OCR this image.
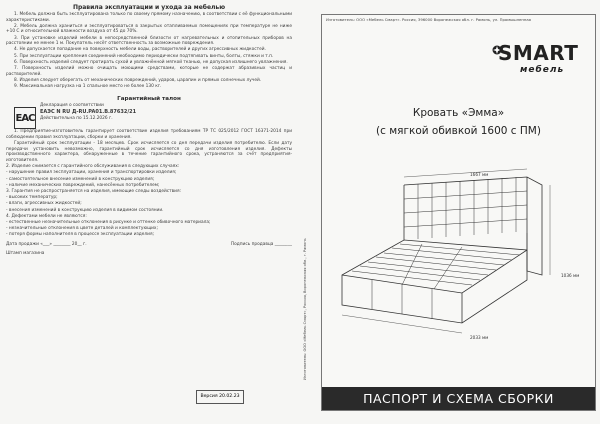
Правила эксплуатации и ухода за мебелью

1. Мебель должна быть эксплуатирована только по своему прямому назначению, в соответствии с её функциональными характеристиками.

2. Мебель должна храниться и эксплуатироваться в закрытых отапливаемых помещениях при температуре не ниже +10 С и относительной влажности воздуха от 45 до 70%.

3. При установке изделий мебели в непосредственной близости от нагревательных и отопительных приборов на расстоянии не менее 1 м. Покупатель несёт ответственность за возможные повреждения.

4. Не допускается попадание на поверхность мебели воды, растворителей и других агрессивных жидкостей.

5. При эксплуатации крепления соединений необходимо периодически подтягивать винты, болты, стяжки и т.п.

6. Поверхность изделий следует протирать сухой и увлажнённой мягкой тканью, не допуская излишнего увлажнения.

7. Поверхность изделий можно очищать моющими средствами, которые не содержат абразивных частиц и растворителей.

8. Изделия следует оберегать от механических повреждений, ударов, царапин и прямых солнечных лучей.

9. Максимальная нагрузка на 1 спальное место не более 130 кг.

Гарантийный талон
EAC

Декларация о соответствии

ЕАЭС N RU Д-RU.PA01.В.87632/21

Действительна по 15.12.2026 г.

1. Предприятие-изготовитель гарантирует соответствие изделия требованиям ТР ТС 025/2012 ГОСТ 16371-2014 при соблюдении правил эксплуатации, сборки и хранения.

Гарантийный срок эксплуатации - 18 месяцев. Срок исчисляется со дня передачи изделия потребителю. Если дату передачи установить невозможно, гарантийный срок исчисляется со дня изготовления изделия. Дефекты производственного характера, обнаруженные в течение гарантийного срока, устраняются за счёт предприятия-изготовителя.

2. Изделие снимается с гарантийного обслуживания в следующих случаях:

- нарушение правил эксплуатации, хранения и транспортировки изделия;

- самостоятельное внесение изменений в конструкцию изделия;

- наличие механических повреждений, нанесённых потребителем;

3. Гарантия не распространяется на изделия, имеющие следы воздействия:

- высоких температур;

- влаги, агрессивных жидкостей;

- внесения изменений в конструкцию изделия в видимом состоянии.

4. Дефектами мебели не являются:

- естественные незначительные отклонения в рисунке и оттенке обивочного материала;

- незначительные отклонения в цвете деталей и комплектующих;

- потеря формы наполнителя в процессе эксплуатации изделия;

Дата продажи «___» ________ 20__ г.	Подпись продавца ________
Штамп магазина
Версия 20.02.23
Изготовитель: ООО «Мебель Смарт». Россия, 396000 Воронежская обл. г. Рамонь, ул. Промышленная
SMART
мебель
Кровать «Эмма»
(с мягкой обивкой 1600 с ПМ)
1667 мм
1036 мм
2033 мм
ПАСПОРТ И СХЕМА СБОРКИ
Изготовитель: ООО «Мебель Смарт», Россия, Воронежская обл., г. Рамонь
